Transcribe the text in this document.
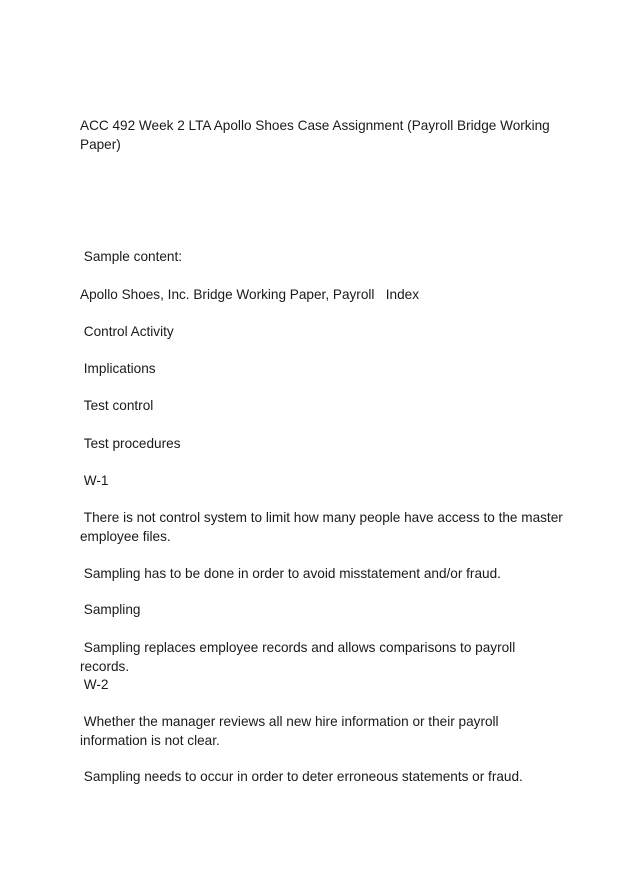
ACC 492 Week 2 LTA Apollo Shoes Case Assignment (Payroll Bridge Working Paper)

Sample content:

Apollo Shoes, Inc. Bridge Working Paper, Payroll   Index

Control Activity

Implications

Test control

Test procedures

W-1

There is not control system to limit how many people have access to the master employee files.

Sampling has to be done in order to avoid misstatement and/or fraud.

Sampling

Sampling replaces employee records and allows comparisons to payroll records.

W-2

Whether the manager reviews all new hire information or their payroll information is not clear.

Sampling needs to occur in order to deter erroneous statements or fraud.
